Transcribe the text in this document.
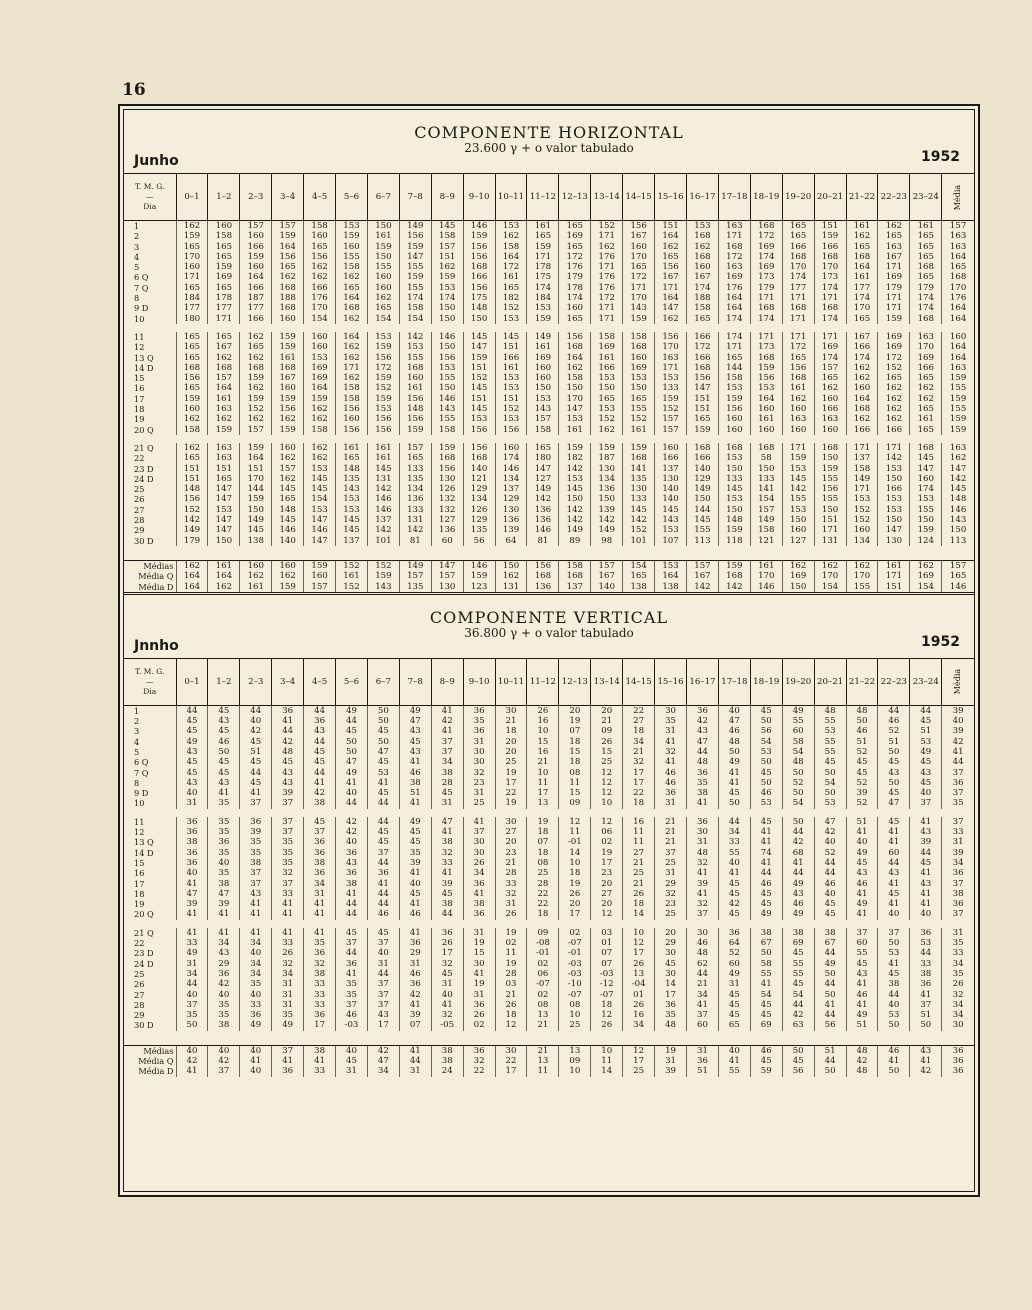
16
COMPONENTE HORIZONTAL
23.600 γ + o valor tabulado
Junho	1952
T. M. G.
—
Dia	0–1	1–2	2–3	3–4	4–5	5–6	6–7	7–8	8–9	9–10	10–11	11–12	12–13	13–14	14–15	15–16	16–17	17–18	18–19	19–20	20–21	21–22	22–23	23–24	Média
1	162	160	157	157	158	153	150	149	145	146	153	161	165	152	156	151	153	163	168	165	151	161	162	161	157
2	159	158	160	159	160	159	161	156	158	159	162	165	169	171	167	164	168	171	172	165	159	162	165	165	163
3	165	165	166	164	165	160	159	159	157	156	158	159	165	162	160	162	162	168	169	166	166	165	163	165	163
4	170	165	159	156	156	155	150	147	151	156	164	171	172	176	170	165	168	172	174	168	168	168	167	165	164
5	160	159	160	165	162	158	155	155	162	168	172	178	176	171	165	156	160	163	169	170	170	164	171	168	165
6 Q	171	169	164	162	162	162	160	159	159	166	161	175	179	176	172	167	167	169	173	174	173	161	169	165	168
7 Q	165	165	166	168	166	165	160	155	153	156	165	174	178	176	171	171	174	176	179	177	174	177	179	179	170
8	184	178	187	188	176	164	162	174	174	175	182	184	174	172	170	164	188	164	171	171	171	174	171	174	176
9 D	177	177	177	168	170	168	165	158	150	148	152	153	160	171	143	147	158	164	168	168	168	170	171	174	164
10	180	171	166	160	154	162	154	154	150	150	153	159	165	171	159	162	165	174	174	171	174	165	159	168	164

11	165	165	162	159	160	164	153	142	146	145	145	149	156	158	158	156	166	174	171	171	171	167	169	163	160
12	165	167	165	159	160	162	159	153	150	147	151	161	168	169	168	170	172	171	173	172	169	166	169	170	164
13 Q	165	162	162	161	153	162	156	155	156	159	166	169	164	161	160	163	166	165	168	165	174	174	172	169	164
14 D	168	168	168	168	169	171	172	168	153	151	161	160	162	166	169	171	168	144	159	156	157	162	152	166	163
15	156	157	159	167	169	162	159	160	155	152	153	160	158	153	153	153	156	158	156	168	165	162	165	165	159
16	165	164	162	160	164	158	152	161	150	145	153	150	150	150	150	133	147	153	153	161	162	160	162	162	155
17	159	161	159	159	159	158	159	156	146	151	151	153	170	165	165	159	151	159	164	162	160	164	162	162	159
18	160	163	152	156	162	156	153	148	143	145	152	143	147	153	155	152	151	156	160	160	166	168	162	165	155
19	162	162	162	162	162	160	156	156	155	153	153	157	153	152	152	157	165	160	161	163	163	162	162	161	159
20 Q	158	159	157	159	158	156	156	159	158	156	156	158	161	162	161	157	159	160	160	160	160	166	166	165	159

21 Q	162	163	159	160	162	161	161	157	159	156	160	165	159	159	159	160	168	168	168	171	168	171	171	168	163
22	165	163	164	162	162	165	161	165	168	168	174	180	182	187	168	166	166	153	58	159	150	137	142	145	162
23 D	151	151	151	157	153	148	145	133	156	140	146	147	142	130	141	137	140	150	150	153	159	158	153	147	147
24 D	151	165	170	162	145	135	131	135	130	121	134	127	153	134	135	130	129	133	133	145	155	149	150	160	142
25	148	147	144	145	145	143	142	134	126	129	137	149	145	136	130	140	149	145	141	142	156	171	166	174	145
26	156	147	159	165	154	153	146	136	132	134	129	142	150	150	133	140	150	153	154	155	155	153	153	153	148
27	152	153	150	148	153	153	146	133	132	126	130	136	142	139	145	145	144	150	157	153	150	152	153	155	146
28	142	147	149	145	147	145	137	131	127	129	136	136	142	142	142	143	145	148	149	150	151	152	150	150	143
29	149	147	145	146	146	145	142	142	136	135	139	146	149	149	152	153	155	159	158	160	171	160	147	159	150
30 D	179	150	138	140	147	137	101	81	60	56	64	81	89	98	101	107	113	118	121	127	131	134	130	124	113

Médias	162	161	160	160	159	152	152	149	147	146	150	156	158	157	154	153	157	159	161	162	162	162	161	162	157
Média Q	164	164	162	162	160	161	159	157	157	159	162	168	168	167	165	164	167	168	170	169	170	170	171	169	165
Média D	164	162	161	159	157	152	143	135	130	123	131	136	137	140	138	138	142	142	146	150	154	155	151	154	146
COMPONENTE VERTICAL
36.800 γ + o valor tabulado
Jnnho	1952
T. M. G.
—
Dia	0–1	1–2	2–3	3–4	4–5	5–6	6–7	7–8	8–9	9–10	10–11	11–12	12–13	13–14	14–15	15–16	16–17	17–18	18–19	19–20	20–21	21–22	22–23	23–24	Média
1	44	45	44	36	44	49	50	49	41	36	30	26	20	20	22	30	36	40	45	49	48	48	44	44	39
2	45	43	40	41	36	44	50	47	42	35	21	16	19	21	27	35	42	47	50	55	55	50	46	45	40
3	45	45	42	44	43	45	45	43	41	36	18	10	07	09	18	31	43	46	56	60	53	46	52	51	39
4	49	46	45	42	44	50	50	45	37	31	20	15	18	26	34	41	47	48	54	58	55	51	51	53	42
5	43	50	51	48	45	50	47	43	37	30	20	16	15	15	21	32	44	50	53	54	55	52	50	49	41
6 Q	45	45	45	45	45	47	45	41	34	30	25	21	18	25	32	41	48	49	50	48	45	45	45	45	44
7 Q	45	45	44	43	44	49	53	46	38	32	19	10	08	12	17	46	36	41	45	50	50	45	43	43	37
8	43	43	45	43	41	41	41	38	28	23	17	11	11	12	17	46	35	41	50	52	54	52	50	45	36
9 D	40	41	41	39	42	40	45	51	45	31	22	17	15	12	22	36	38	45	46	50	50	39	45	40	37
10	31	35	37	37	38	44	44	41	31	25	19	13	09	10	18	31	41	50	53	54	53	52	47	37	35

11	36	35	36	37	45	42	44	49	47	41	30	19	12	12	16	21	36	44	45	50	47	51	45	41	37
12	36	35	39	37	37	42	45	45	41	37	27	18	11	06	11	21	30	34	41	44	42	41	41	43	33
13 Q	38	36	35	35	36	40	45	45	38	30	20	07	-01	02	11	21	31	33	41	42	40	40	41	39	31
14 D	36	35	35	35	36	36	37	35	32	30	23	18	14	19	27	37	48	55	74	68	52	49	60	44	39
15	36	40	38	35	38	43	44	39	33	26	21	08	10	17	21	25	32	40	41	41	44	45	44	45	34
16	40	35	37	32	36	36	36	41	41	34	28	25	18	23	25	31	41	41	44	44	44	43	43	41	36
17	41	38	37	37	34	38	41	40	39	36	33	28	19	20	21	29	39	45	46	49	46	46	41	43	37
18	47	47	43	33	31	41	44	45	45	41	32	22	26	27	26	32	41	45	45	43	40	41	45	41	38
19	39	39	41	41	41	44	44	41	38	38	31	22	20	20	18	23	32	42	45	46	45	49	41	41	36
20 Q	41	41	41	41	41	44	46	46	44	36	26	18	17	12	14	25	37	45	49	49	45	41	40	40	37

21 Q	41	41	41	41	41	45	45	41	36	31	19	09	02	03	10	20	30	36	38	38	38	37	37	36	31
22	33	34	34	33	35	37	37	36	26	19	02	-08	-07	01	12	29	46	64	67	69	67	60	50	53	35
23 D	49	43	40	26	36	44	40	29	17	15	11	-01	-01	07	17	30	48	52	50	45	44	55	53	44	33
24 D	31	29	34	32	32	36	31	31	32	30	19	02	-03	07	26	45	62	60	58	55	49	45	41	33	34
25	34	36	34	34	38	41	44	46	45	41	28	06	-03	-03	13	30	44	49	55	55	50	43	45	38	35
26	44	42	35	31	33	35	37	36	31	19	03	-07	-10	-12	-04	14	21	31	41	45	44	41	38	36	26
27	40	40	40	31	33	35	37	42	40	31	21	02	-07	-07	01	17	34	45	54	54	50	46	44	41	32
28	37	35	33	31	33	37	37	41	41	36	26	08	08	18	26	36	41	45	45	44	41	41	40	37	34
29	35	35	36	35	36	46	43	39	32	26	18	13	10	12	16	35	37	45	45	42	44	49	53	51	34
30 D	50	38	49	49	17	-03	17	07	-05	02	12	21	25	26	34	48	60	65	69	63	56	51	50	50	30

Médias	40	40	40	37	38	40	42	41	38	36	30	21	13	10	12	19	31	40	46	50	51	48	46	43	36
Média Q	42	42	41	41	41	45	47	44	38	32	22	13	09	11	17	31	36	41	45	45	44	42	41	41	36
Média D	41	37	40	36	33	31	34	31	24	22	17	11	10	14	25	39	51	55	59	56	50	48	50	42	36
